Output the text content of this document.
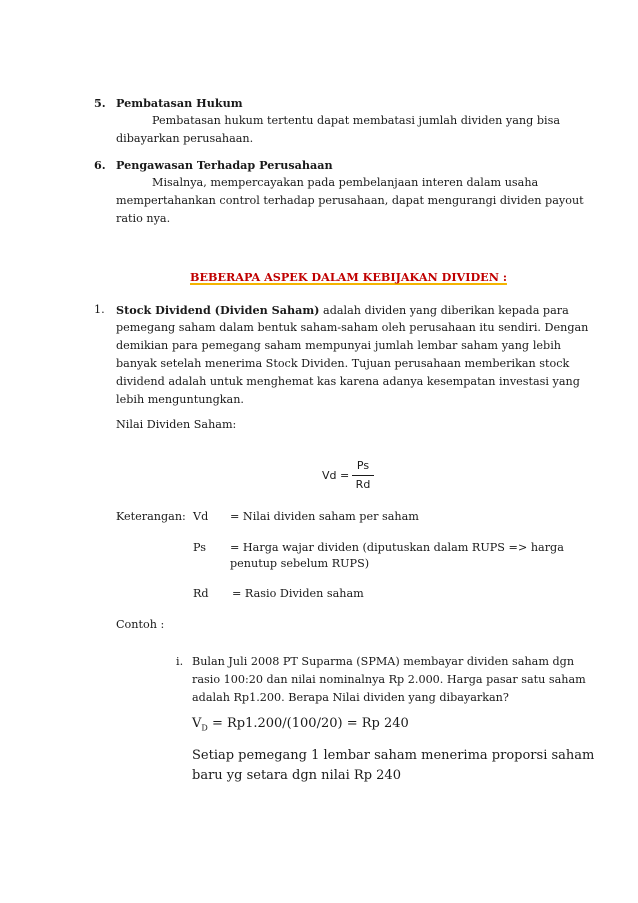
5. Pembatasan Hukum
Pembatasan hukum tertentu dapat membatasi jumlah dividen yang bisa
dibayarkan perusahaan.
6. Pengawasan Terhadap Perusahaan
Misalnya, mempercayakan pada pembelanjaan interen dalam usaha
mempertahankan control terhadap perusahaan, dapat mengurangi dividen payout
ratio nya.
BEBERAPA ASPEK DALAM KEBIJAKAN DIVIDEN :
1. Stock Dividend (Dividen Saham) adalah dividen yang diberikan kepada para
pemegang saham dalam bentuk saham-saham oleh perusahaan itu sendiri. Dengan
demikian para pemegang saham mempunyai jumlah lembar saham yang lebih
banyak setelah menerima Stock Dividen. Tujuan perusahaan memberikan stock
dividend adalah untuk menghemat kas karena adanya kesempatan investasi yang
lebih menguntungkan.
Nilai Dividen Saham:
Vd =
Ps
Rd
Keterangan: Vd = Nilai dividen saham per saham
Ps = Harga wajar dividen (diputuskan dalam RUPS => harga
penutup sebelum RUPS)
Rd = Rasio Dividen saham
Contoh :
i. Bulan Juli 2008 PT Suparma (SPMA) membayar dividen saham dgn
rasio 100:20 dan nilai nominalnya Rp 2.000. Harga pasar satu saham
adalah Rp1.200. Berapa Nilai dividen yang dibayarkan?
$V_D = Rp1.200/(100/20) = Rp$ 240
Setiap pemegang 1 lembar saham menerima proporsi saham
baru yg setara dgn nilai Rp 240
